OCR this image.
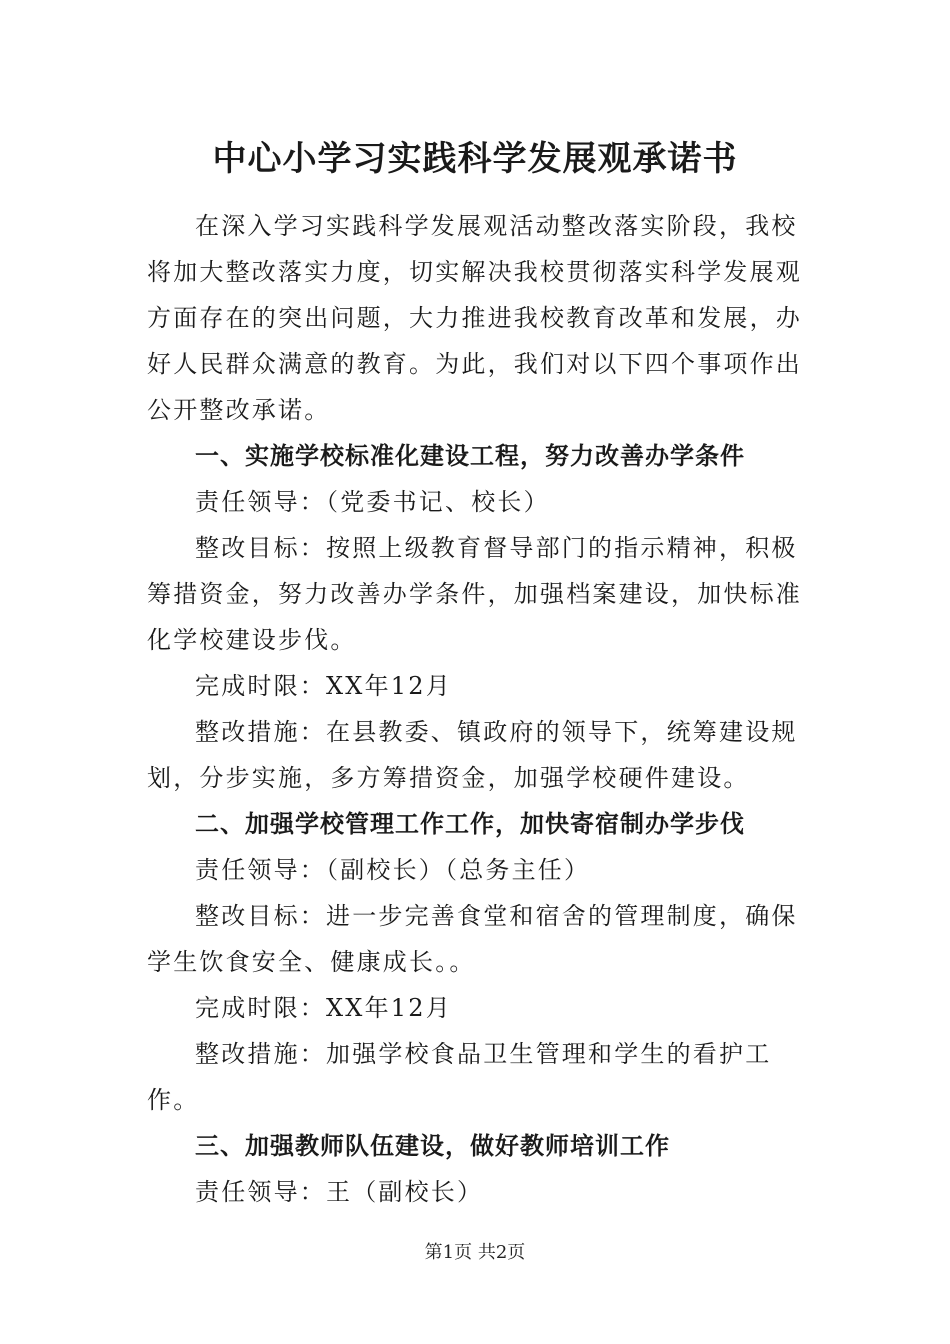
中心小学习实践科学发展观承诺书

在深入学习实践科学发展观活动整改落实阶段，我校将加大整改落实力度，切实解决我校贯彻落实科学发展观方面存在的突出问题，大力推进我校教育改革和发展，办好人民群众满意的教育。为此，我们对以下四个事项作出公开整改承诺。

一、实施学校标准化建设工程，努力改善办学条件

责任领导：（党委书记、校长）

整改目标：按照上级教育督导部门的指示精神，积极筹措资金，努力改善办学条件，加强档案建设，加快标准化学校建设步伐。

完成时限：XX年12月

整改措施：在县教委、镇政府的领导下，统筹建设规划，分步实施，多方筹措资金，加强学校硬件建设。

二、加强学校管理工作工作，加快寄宿制办学步伐

责任领导：（副校长）（总务主任）

整改目标：进一步完善食堂和宿舍的管理制度，确保学生饮食安全、健康成长。。

完成时限：XX年12月

整改措施：加强学校食品卫生管理和学生的看护工作。

三、加强教师队伍建设，做好教师培训工作

责任领导：王（副校长）

第1页 共2页
